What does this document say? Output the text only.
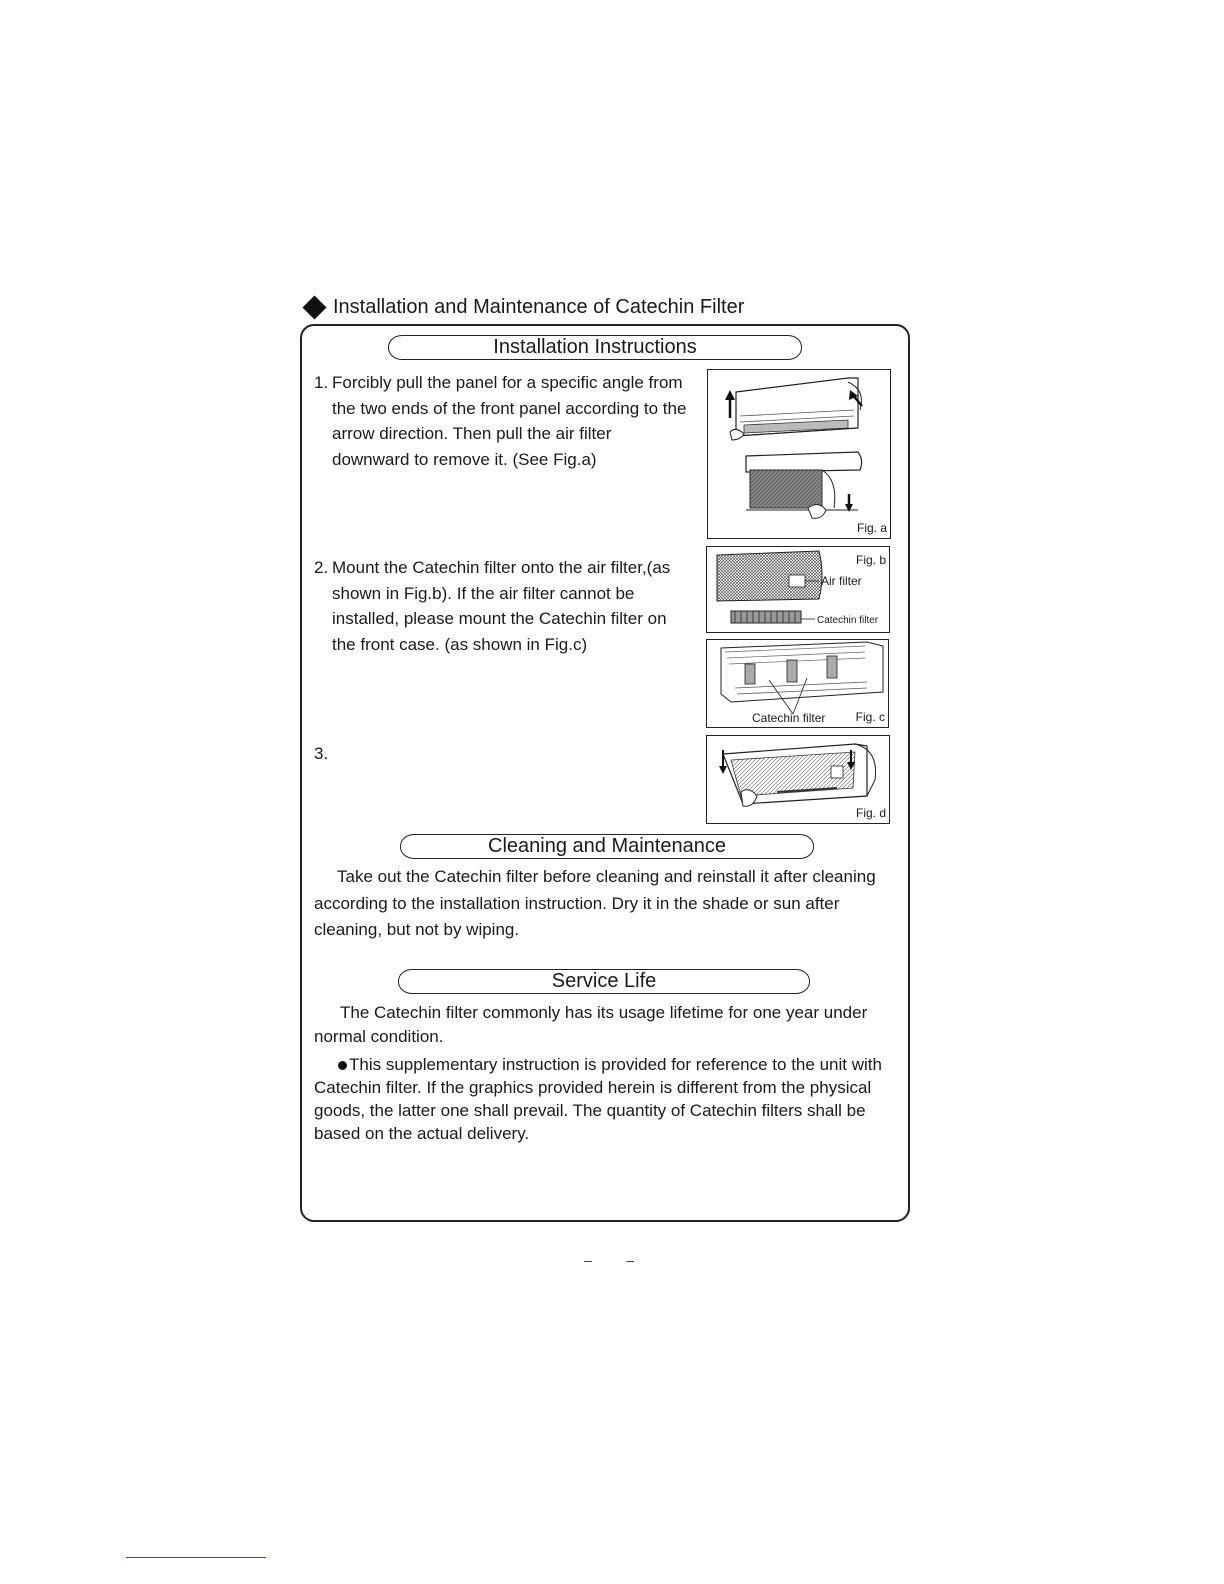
Installation and Maintenance of Catechin Filter
Installation Instructions
1. Forcibly pull the panel for a specific angle from the two ends of the front panel according to the arrow direction. Then pull the air filter downward to remove it. (See Fig.a)
2. Mount the Catechin filter onto the air filter,(as shown in Fig.b). If the air filter cannot be installed, please mount the Catechin filter on the front case. (as shown in Fig.c)
3.
Fig. a
Fig. b
Air filter
Catechin filter
Catechin filter	Fig. c
Fig. d
Cleaning and Maintenance
Take out the Catechin filter before cleaning and reinstall it after cleaning according to the installation instruction. Dry it in the shade or sun after cleaning, but not by wiping.
Service Life
The Catechin filter commonly has its usage lifetime for one year under normal condition.
This supplementary instruction is provided for reference to the unit with Catechin filter. If the graphics provided herein is different from the physical goods, the latter one shall prevail. The quantity of Catechin filters shall be based on the actual delivery.
– –
